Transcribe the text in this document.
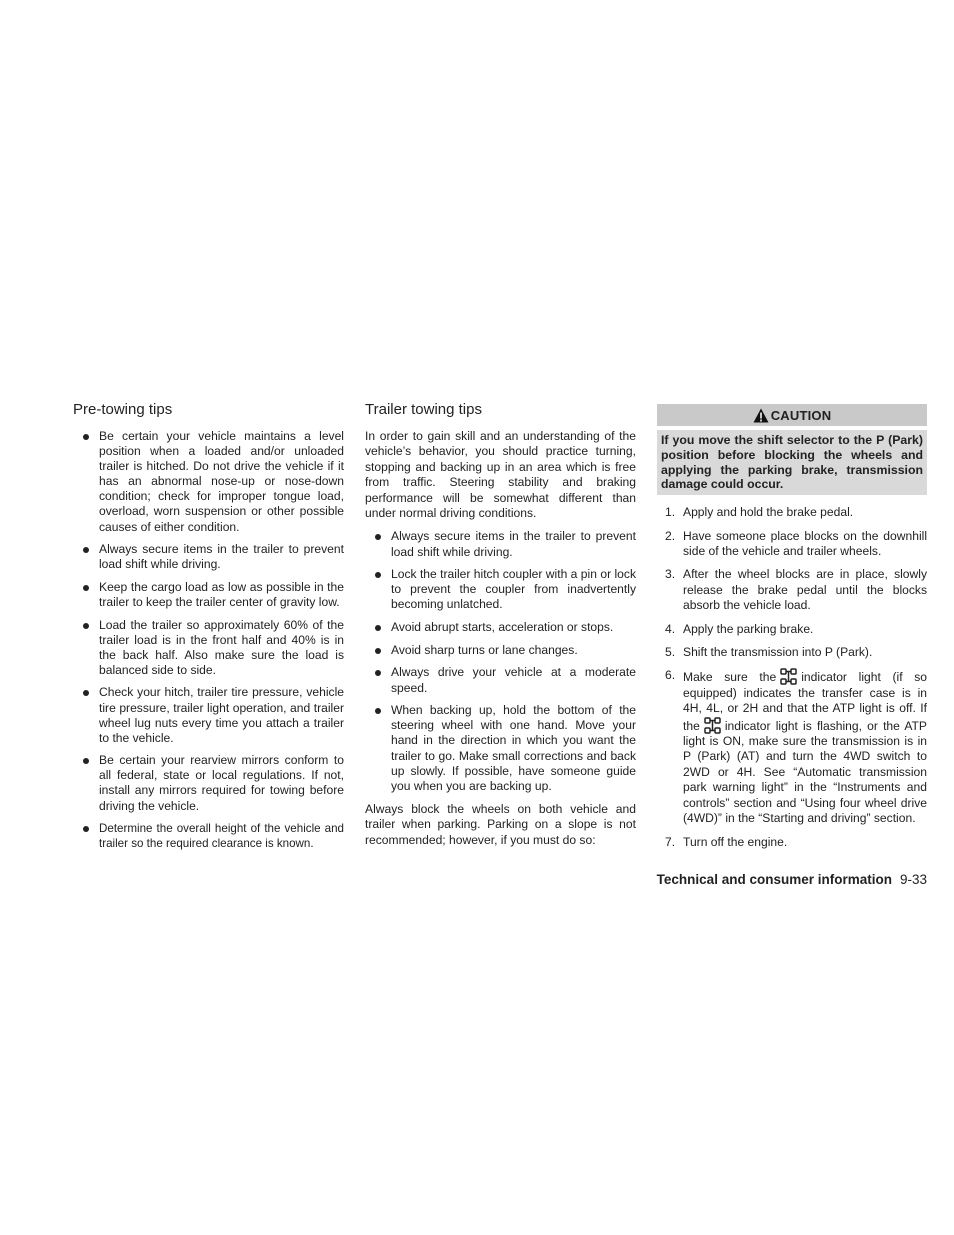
Pre-towing tips
Be certain your vehicle maintains a level position when a loaded and/or unloaded trailer is hitched. Do not drive the vehicle if it has an abnormal nose-up or nose-down condition; check for improper tongue load, overload, worn suspension or other possible causes of either condition.
Always secure items in the trailer to prevent load shift while driving.
Keep the cargo load as low as possible in the trailer to keep the trailer center of gravity low.
Load the trailer so approximately 60% of the trailer load is in the front half and 40% is in the back half. Also make sure the load is balanced side to side.
Check your hitch, trailer tire pressure, vehicle tire pressure, trailer light operation, and trailer wheel lug nuts every time you attach a trailer to the vehicle.
Be certain your rearview mirrors conform to all federal, state or local regulations. If not, install any mirrors required for towing before driving the vehicle.
Determine the overall height of the vehicle and trailer so the required clearance is known.
Trailer towing tips

In order to gain skill and an understanding of the vehicle’s behavior, you should practice turning, stopping and backing up in an area which is free from traffic. Steering stability and braking performance will be somewhat different than under normal driving conditions.

Always secure items in the trailer to prevent load shift while driving.
Lock the trailer hitch coupler with a pin or lock to prevent the coupler from inadvertently becoming unlatched.
Avoid abrupt starts, acceleration or stops.
Avoid sharp turns or lane changes.
Always drive your vehicle at a moderate speed.
When backing up, hold the bottom of the steering wheel with one hand. Move your hand in the direction in which you want the trailer to go. Make small corrections and back up slowly. If possible, have someone guide you when you are backing up.

Always block the wheels on both vehicle and trailer when parking. Parking on a slope is not recommended; however, if you must do so:

CAUTION
If you move the shift selector to the P (Park) position before blocking the wheels and applying the parking brake, transmission damage could occur.
1. Apply and hold the brake pedal.
2. Have someone place blocks on the downhill side of the vehicle and trailer wheels.
3. After the wheel blocks are in place, slowly release the brake pedal until the blocks absorb the vehicle load.
4. Apply the parking brake.
5. Shift the transmission into P (Park).
6. Make sure the indicator light (if so equipped) indicates the transfer case is in 4H, 4L, or 2H and that the ATP light is off. If the indicator light is flashing, or the ATP light is ON, make sure the transmission is in P (Park) (AT) and turn the 4WD switch to 2WD or 4H. See “Automatic transmission park warning light” in the “Instruments and controls” section and “Using four wheel drive (4WD)” in the “Starting and driving” section.
7. Turn off the engine.
Technical and consumer information 9-33
